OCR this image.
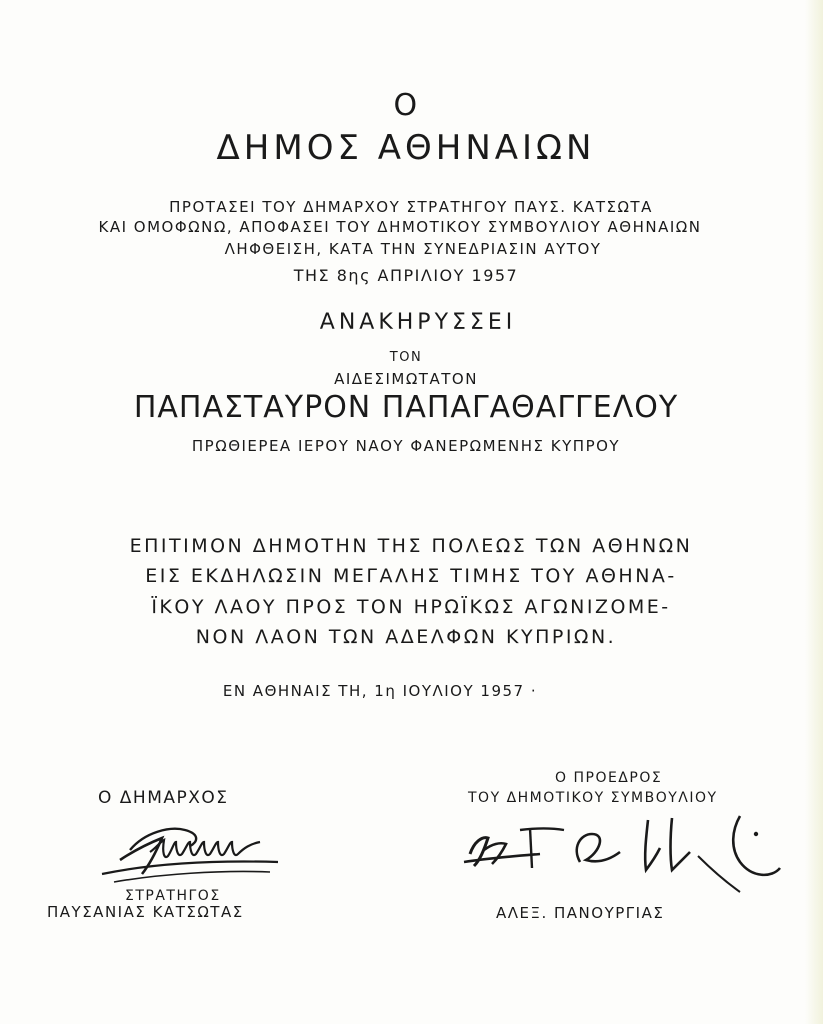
Ο
ΔΗΜΟΣ ΑΘΗΝΑΙΩΝ
ΠΡΟΤΑΣΕΙ ΤΟΥ ΔΗΜΑΡΧΟΥ ΣΤΡΑΤΗΓΟΥ ΠΑΥΣ. ΚΑΤΣΩΤΑ
ΚΑΙ ΟΜΟΦΩΝΩ, ΑΠΟΦΑΣΕΙ ΤΟΥ ΔΗΜΟΤΙΚΟΥ ΣΥΜΒΟΥΛΙΟΥ ΑΘΗΝΑΙΩΝ
ΛΗΦΘΕΙΣΗ, ΚΑΤΑ ΤΗΝ ΣΥΝΕΔΡΙΑΣΙΝ ΑΥΤΟΥ
ΤΗΣ 8ης ΑΠΡΙΛΙΟΥ 1957
ΑΝΑΚΗΡΥΣΣΕΙ
ΤΟΝ
ΑΙΔΕΣΙΜΩΤΑΤΟΝ
ΠΑΠΑΣΤΑΥΡΟΝ ΠΑΠΑΓΑΘΑΓΓΕΛΟΥ
ΠΡΩΘΙΕΡΕΑ ΙΕΡΟΥ ΝΑΟΥ ΦΑΝΕΡΩΜΕΝΗΣ ΚΥΠΡΟΥ
ΕΠΙΤΙΜΟΝ ΔΗΜΟΤΗΝ ΤΗΣ ΠΟΛΕΩΣ ΤΩΝ ΑΘΗΝΩΝ
ΕΙΣ ΕΚΔΗΛΩΣΙΝ ΜΕΓΑΛΗΣ ΤΙΜΗΣ ΤΟΥ ΑΘΗΝΑ-
ΪΚΟΥ ΛΑΟΥ ΠΡΟΣ ΤΟΝ ΗΡΩΪΚΩΣ ΑΓΩΝΙΖΟΜΕ-
ΝΟΝ ΛΑΟΝ ΤΩΝ ΑΔΕΛΦΩΝ ΚΥΠΡΙΩΝ.
ΕΝ ΑΘΗΝΑΙΣ ΤΗ, 1η ΙΟΥΛΙΟΥ 1957 ·
Ο ΔΗΜΑΡΧΟΣ
ΣΤΡΑΤΗΓΟΣ
ΠΑΥΣΑΝΙΑΣ ΚΑΤΣΩΤΑΣ
Ο ΠΡΟΕΔΡΟΣ
ΤΟΥ ΔΗΜΟΤΙΚΟΥ ΣΥΜΒΟΥΛΙΟΥ
ΑΛΕΞ. ΠΑΝΟΥΡΓΙΑΣ
